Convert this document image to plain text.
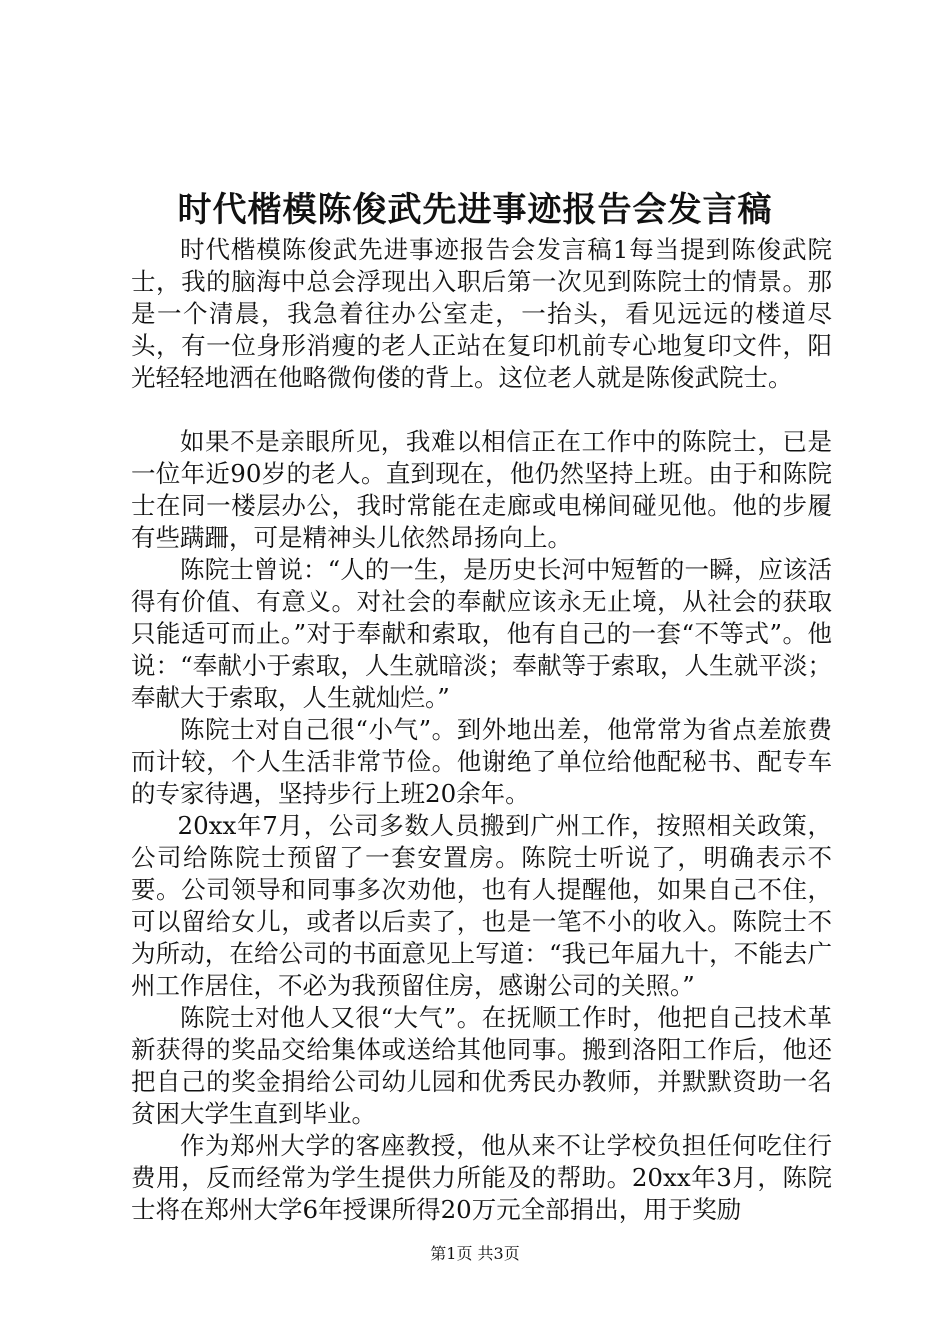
时代楷模陈俊武先进事迹报告会发言稿

时代楷模陈俊武先进事迹报告会发言稿1每当提到陈俊武院士，我的脑海中总会浮现出入职后第一次见到陈院士的情景。那是一个清晨，我急着往办公室走，一抬头，看见远远的楼道尽头，有一位身形消瘦的老人正站在复印机前专心地复印文件，阳光轻轻地洒在他略微佝偻的背上。这位老人就是陈俊武院士。

如果不是亲眼所见，我难以相信正在工作中的陈院士，已是一位年近90岁的老人。直到现在，他仍然坚持上班。由于和陈院士在同一楼层办公，我时常能在走廊或电梯间碰见他。他的步履有些蹒跚，可是精神头儿依然昂扬向上。

陈院士曾说：“人的一生，是历史长河中短暂的一瞬，应该活得有价值、有意义。对社会的奉献应该永无止境，从社会的获取只能适可而止。”对于奉献和索取，他有自己的一套“不等式”。他说：“奉献小于索取，人生就暗淡；奉献等于索取，人生就平淡；奉献大于索取，人生就灿烂。”

陈院士对自己很“小气”。到外地出差，他常常为省点差旅费而计较，个人生活非常节俭。他谢绝了单位给他配秘书、配专车的专家待遇，坚持步行上班20余年。

20xx年7月，公司多数人员搬到广州工作，按照相关政策，公司给陈院士预留了一套安置房。陈院士听说了，明确表示不要。公司领导和同事多次劝他，也有人提醒他，如果自己不住，可以留给女儿，或者以后卖了，也是一笔不小的收入。陈院士不为所动，在给公司的书面意见上写道：“我已年届九十，不能去广州工作居住，不必为我预留住房，感谢公司的关照。”

陈院士对他人又很“大气”。在抚顺工作时，他把自己技术革新获得的奖品交给集体或送给其他同事。搬到洛阳工作后，他还把自己的奖金捐给公司幼儿园和优秀民办教师，并默默资助一名贫困大学生直到毕业。

作为郑州大学的客座教授，他从来不让学校负担任何吃住行费用，反而经常为学生提供力所能及的帮助。20xx年3月，陈院士将在郑州大学6年授课所得20万元全部捐出，用于奖励

第1页 共3页
